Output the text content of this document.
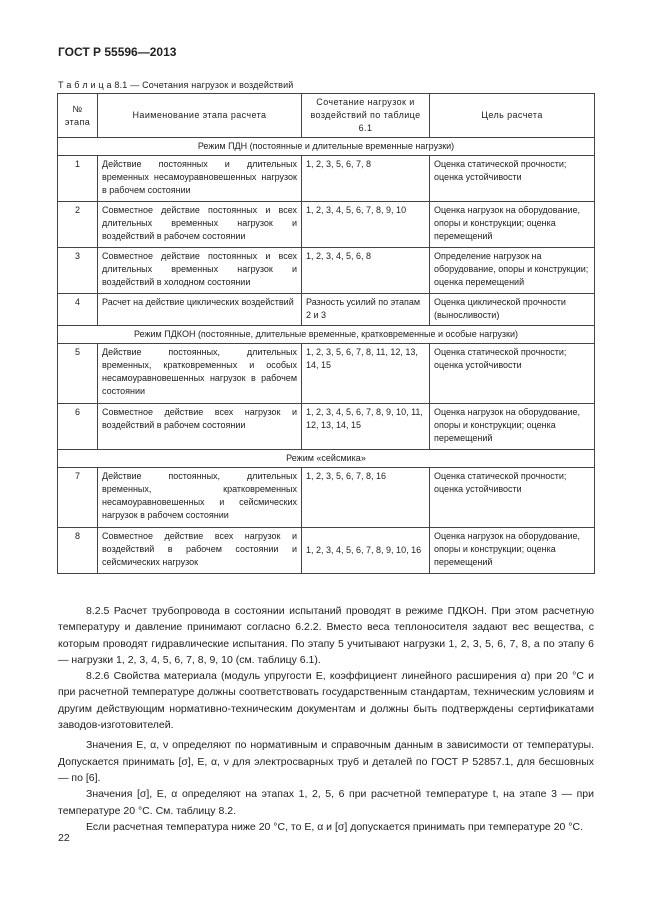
ГОСТ Р 55596—2013
Т а б л и ц а 8.1 — Сочетания нагрузок и воздействий
№ этапа	Наименование этапа расчета	Сочетание нагрузок и воздействий по таблице 6.1	Цель расчета
Режим ПДН (постоянные и длительные временные нагрузки)			
1	Действие постоянных и длительных временных несамоуравновешенных нагрузок в рабочем состоянии	1, 2, 3, 5, 6, 7, 8	Оценка статической прочности; оценка устойчивости
2	Совместное действие постоянных и всех длительных временных нагрузок и воздействий в рабочем состоянии	1, 2, 3, 4, 5, 6, 7, 8, 9, 10	Оценка нагрузок на оборудование, опоры и конструкции; оценка перемещений
3	Совместное действие постоянных и всех длительных временных нагрузок и воздействий в холодном состоянии	1, 2, 3, 4, 5, 6, 8	Определение нагрузок на оборудование, опоры и конструкции; оценка перемещений
4	Расчет на действие циклических воздействий	Разность усилий по этапам 2 и 3	Оценка циклической прочности (выносливости)
Режим ПДКОН (постоянные, длительные временные, кратковременные и особые нагрузки)			
5	Действие постоянных, длительных временных, кратковременных и особых несамоуравновешенных нагрузок в рабочем состоянии	1, 2, 3, 5, 6, 7, 8, 11, 12, 13, 14, 15	Оценка статической прочности; оценка устойчивости
6	Совместное действие всех нагрузок и воздействий в рабочем состоянии	1, 2, 3, 4, 5, 6, 7, 8, 9, 10, 11, 12, 13, 14, 15	Оценка нагрузок на оборудование, опоры и конструкции; оценка перемещений
Режим «сейсмика»			
7	Действие постоянных, длительных временных, кратковременных несамоуравновешенных и сейсмических нагрузок в рабочем состоянии	1, 2, 3, 5, 6, 7, 8, 16	Оценка статической прочности; оценка устойчивости
8	Совместное действие всех нагрузок и воздействий в рабочем состоянии и сейсмических нагрузок	1, 2, 3, 4, 5, 6, 7, 8, 9, 10, 16	Оценка нагрузок на оборудование, опоры и конструкции; оценка перемещений

8.2.5 Расчет трубопровода в состоянии испытаний проводят в режиме ПДКОН. При этом расчетную температуру и давление принимают согласно 6.2.2. Вместо веса теплоносителя задают вес вещества, с которым проводят гидравлические испытания. По этапу 5 учитывают нагрузки 1, 2, 3, 5, 6, 7, 8, а по этапу 6 — нагрузки 1, 2, 3, 4, 5, 6, 7, 8, 9, 10 (см. таблицу 6.1).

8.2.6 Свойства материала (модуль упругости E, коэффициент линейного расширения α) при 20 °С и при расчетной температуре должны соответствовать государственным стандартам, техническим условиям и другим действующим нормативно-техническим документам и должны быть подтверждены сертификатами заводов-изготовителей.

Значения E, α, ν определяют по нормативным и справочным данным в зависимости от температуры. Допускается принимать [σ], E, α, ν для электросварных труб и деталей по ГОСТ Р 52857.1, для бесшовных — по [6].

Значения [σ], E, α определяют на этапах 1, 2, 5, 6 при расчетной температуре t, на этапе 3 — при температуре 20 °С. См. таблицу 8.2.

Если расчетная температура ниже 20 °С, то E, α и [σ] допускается принимать при температуре 20 °С.

22
